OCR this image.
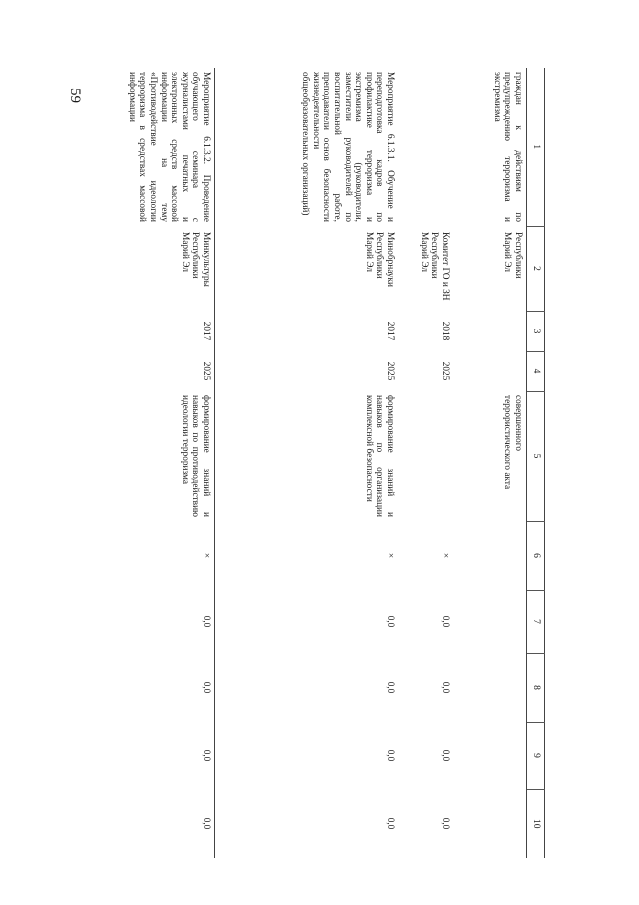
59
1	2	3	4	5	6	7	8	9	10
граждан к действиям по предупреждению терроризма и экстремизма	Республики Марий Эл			совершенного террористического акта					
	Комитет ГО и ЗН Республики Марий Эл	2018	2025		×	0,0	0,0	0,0	0,0
Мероприятие 6.1.3.1. Обучение и переподготовка кадров по профилактике терроризма и экстремизма (руководители, заместители руководителей по воспитательной работе, преподаватели основ безопасности жизнедеятельности общеобразовательных организаций)	Минобрнауки Республики Марий Эл	2017	2025	формирование знаний и навыков по организации комплексной безопасности	×	0,0	0,0	0,0	0,0
Мероприятие 6.1.3.2. Проведение обучающего семинара с журналистами печатных и электронных средств массовой информации на тему «Противодействие идеологии терроризма в средствах массовой информации	Минкультуры Республики Марий Эл	2017	2025	формирование знаний и навыков по противодействию идеологии терроризма	×	0,0	0,0	0,0	0,0
